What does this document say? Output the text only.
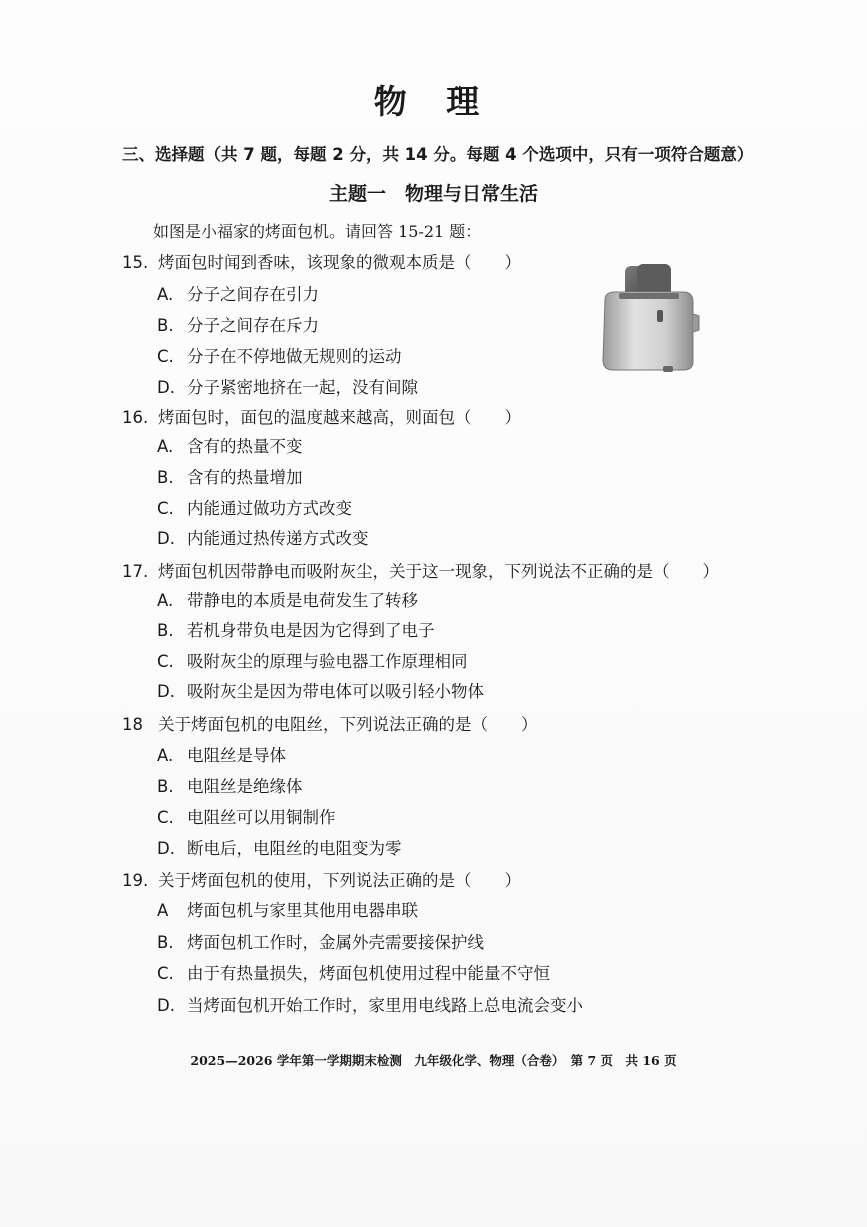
物 理
三、选择题（共 7 题，每题 2 分，共 14 分。每题 4 个选项中，只有一项符合题意）
主题一　物理与日常生活
如图是小福家的烤面包机。请回答 15-21 题：
15. 烤面包时闻到香味，该现象的微观本质是（　　）
A. 分子之间存在引力
B. 分子之间存在斥力
C. 分子在不停地做无规则的运动
D. 分子紧密地挤在一起，没有间隙
16. 烤面包时，面包的温度越来越高，则面包（　　）
A. 含有的热量不变
B. 含有的热量增加
C. 内能通过做功方式改变
D. 内能通过热传递方式改变
17. 烤面包机因带静电而吸附灰尘，关于这一现象，下列说法不正确的是（　　）
A. 带静电的本质是电荷发生了转移
B. 若机身带负电是因为它得到了电子
C. 吸附灰尘的原理与验电器工作原理相同
D. 吸附灰尘是因为带电体可以吸引轻小物体
18 关于烤面包机的电阻丝，下列说法正确的是（　　）
A. 电阻丝是导体
B. 电阻丝是绝缘体
C. 电阻丝可以用铜制作
D. 断电后，电阻丝的电阻变为零
19. 关于烤面包机的使用，下列说法正确的是（　　）
A 烤面包机与家里其他用电器串联
B. 烤面包机工作时，金属外壳需要接保护线
C. 由于有热量损失，烤面包机使用过程中能量不守恒
D. 当烤面包机开始工作时，家里用电线路上总电流会变小
2025—2026 学年第一学期期末检测　九年级化学、物理（合卷）　第 7 页　共 16 页
